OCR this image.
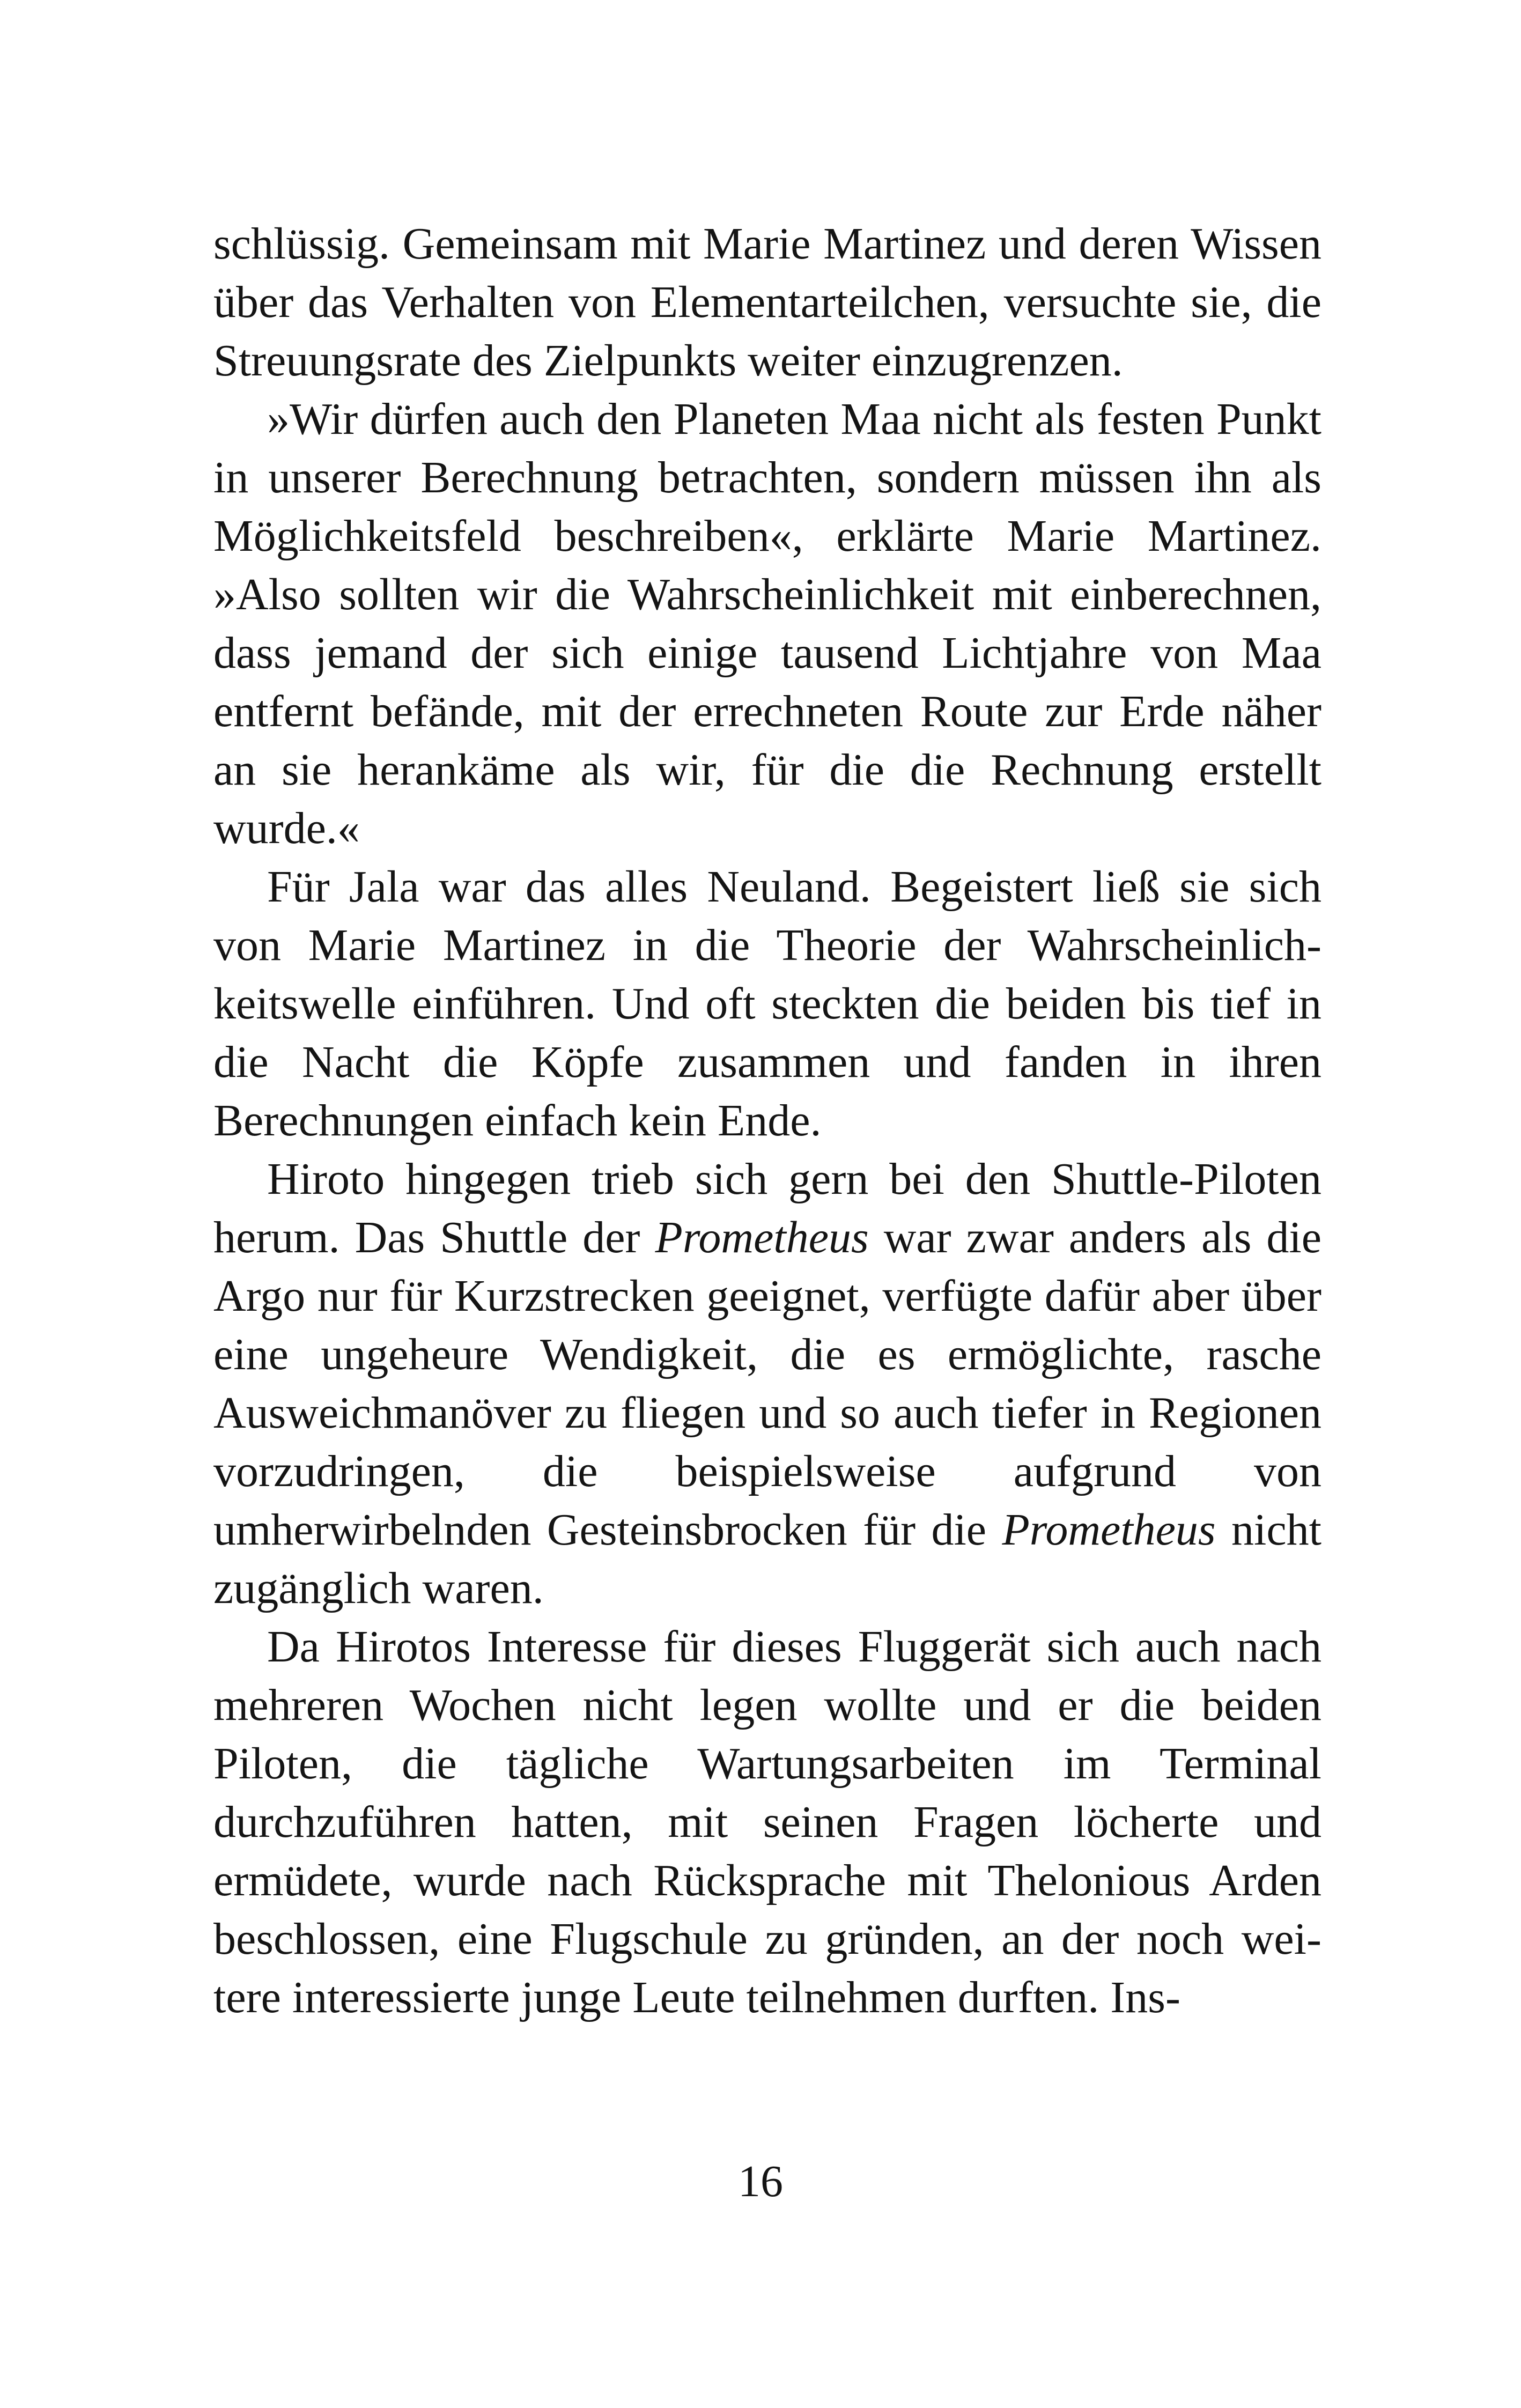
schlüssig. Gemeinsam mit Marie Martinez und deren Wissen über das Verhalten von Elementarteilchen, versuchte sie, die Streuungsrate des Zielpunkts weiter einzugrenzen.

»Wir dürfen auch den Planeten Maa nicht als festen Punkt in unserer Berechnung betrachten, sondern müssen ihn als Möglichkeitsfeld beschreiben«, erklärte Marie Martinez. »Also sollten wir die Wahrscheinlichkeit mit einberechnen, dass jemand der sich einige tausend Lichtjahre von Maa entfernt befände, mit der errechneten Route zur Erde näher an sie herankäme als wir, für die die Rechnung erstellt wurde.«

Für Jala war das alles Neuland. Begeistert ließ sie sich von Marie Martinez in die Theorie der Wahrscheinlichkeitswelle einführen. Und oft steckten die beiden bis tief in die Nacht die Köpfe zusammen und fanden in ihren Berechnungen einfach kein Ende.

Hiroto hingegen trieb sich gern bei den Shuttle-Piloten herum. Das Shuttle der Prometheus war zwar anders als die Argo nur für Kurzstrecken geeignet, verfügte dafür aber über eine ungeheure Wendigkeit, die es ermöglichte, rasche Ausweichmanöver zu fliegen und so auch tiefer in Regionen vorzudringen, die beispielsweise aufgrund von umherwirbelnden Gesteinsbrocken für die Prometheus nicht zugänglich waren.

Da Hirotos Interesse für dieses Fluggerät sich auch nach mehreren Wochen nicht legen wollte und er die beiden Piloten, die tägliche Wartungsarbeiten im Terminal durchzuführen hatten, mit seinen Fragen löcherte und ermüdete, wurde nach Rücksprache mit Thelonious Arden beschlossen, eine Flugschule zu gründen, an der noch weitere interessierte junge Leute teilnehmen durften. Ins-

16
